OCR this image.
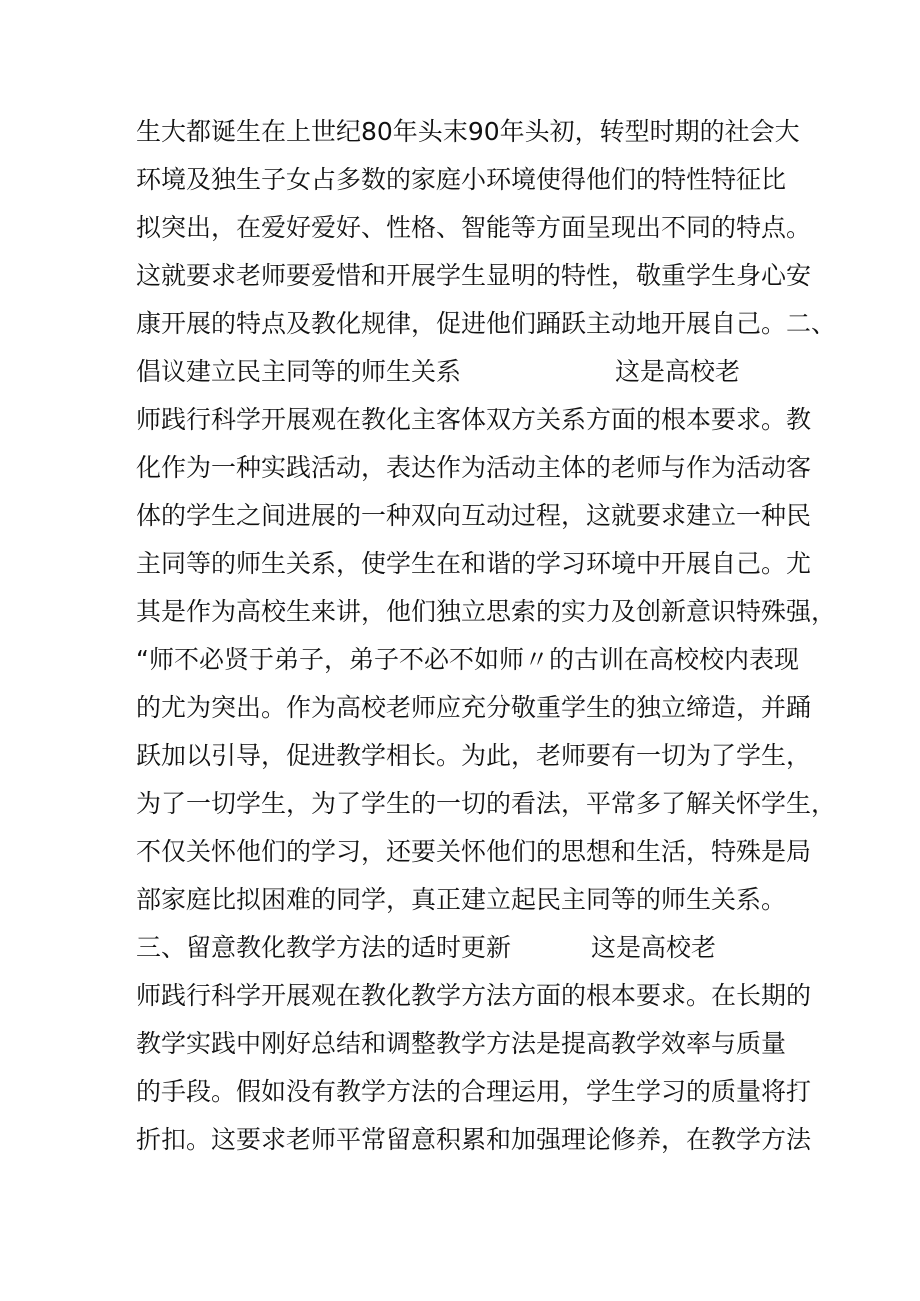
生大都诞生在上世纪80年头末90年头初，转型时期的社会大
环境及独生子女占多数的家庭小环境使得他们的特性特征比
拟突出，在爱好爱好、性格、智能等方面呈现出不同的特点。
这就要求老师要爱惜和开展学生显明的特性，敬重学生身心安
康开展的特点及教化规律，促进他们踊跃主动地开展自己。二、
倡议建立民主同等的师生关系	这是高校老
师践行科学开展观在教化主客体双方关系方面的根本要求。教
化作为一种实践活动，表达作为活动主体的老师与作为活动客
体的学生之间进展的一种双向互动过程，这就要求建立一种民
主同等的师生关系，使学生在和谐的学习环境中开展自己。尤
其是作为高校生来讲，他们独立思索的实力及创新意识特殊强，
“师不必贤于弟子，弟子不必不如师〃的古训在高校校内表现
的尤为突出。作为高校老师应充分敬重学生的独立缔造，并踊
跃加以引导，促进教学相长。为此，老师要有一切为了学生，
为了一切学生，为了学生的一切的看法，平常多了解关怀学生，
不仅关怀他们的学习，还要关怀他们的思想和生活，特殊是局
部家庭比拟困难的同学，真正建立起民主同等的师生关系。
三、留意教化教学方法的适时更新	这是高校老
师践行科学开展观在教化教学方法方面的根本要求。在长期的
教学实践中刚好总结和调整教学方法是提高教学效率与质量
的手段。假如没有教学方法的合理运用，学生学习的质量将打
折扣。这要求老师平常留意积累和加强理论修养，在教学方法
